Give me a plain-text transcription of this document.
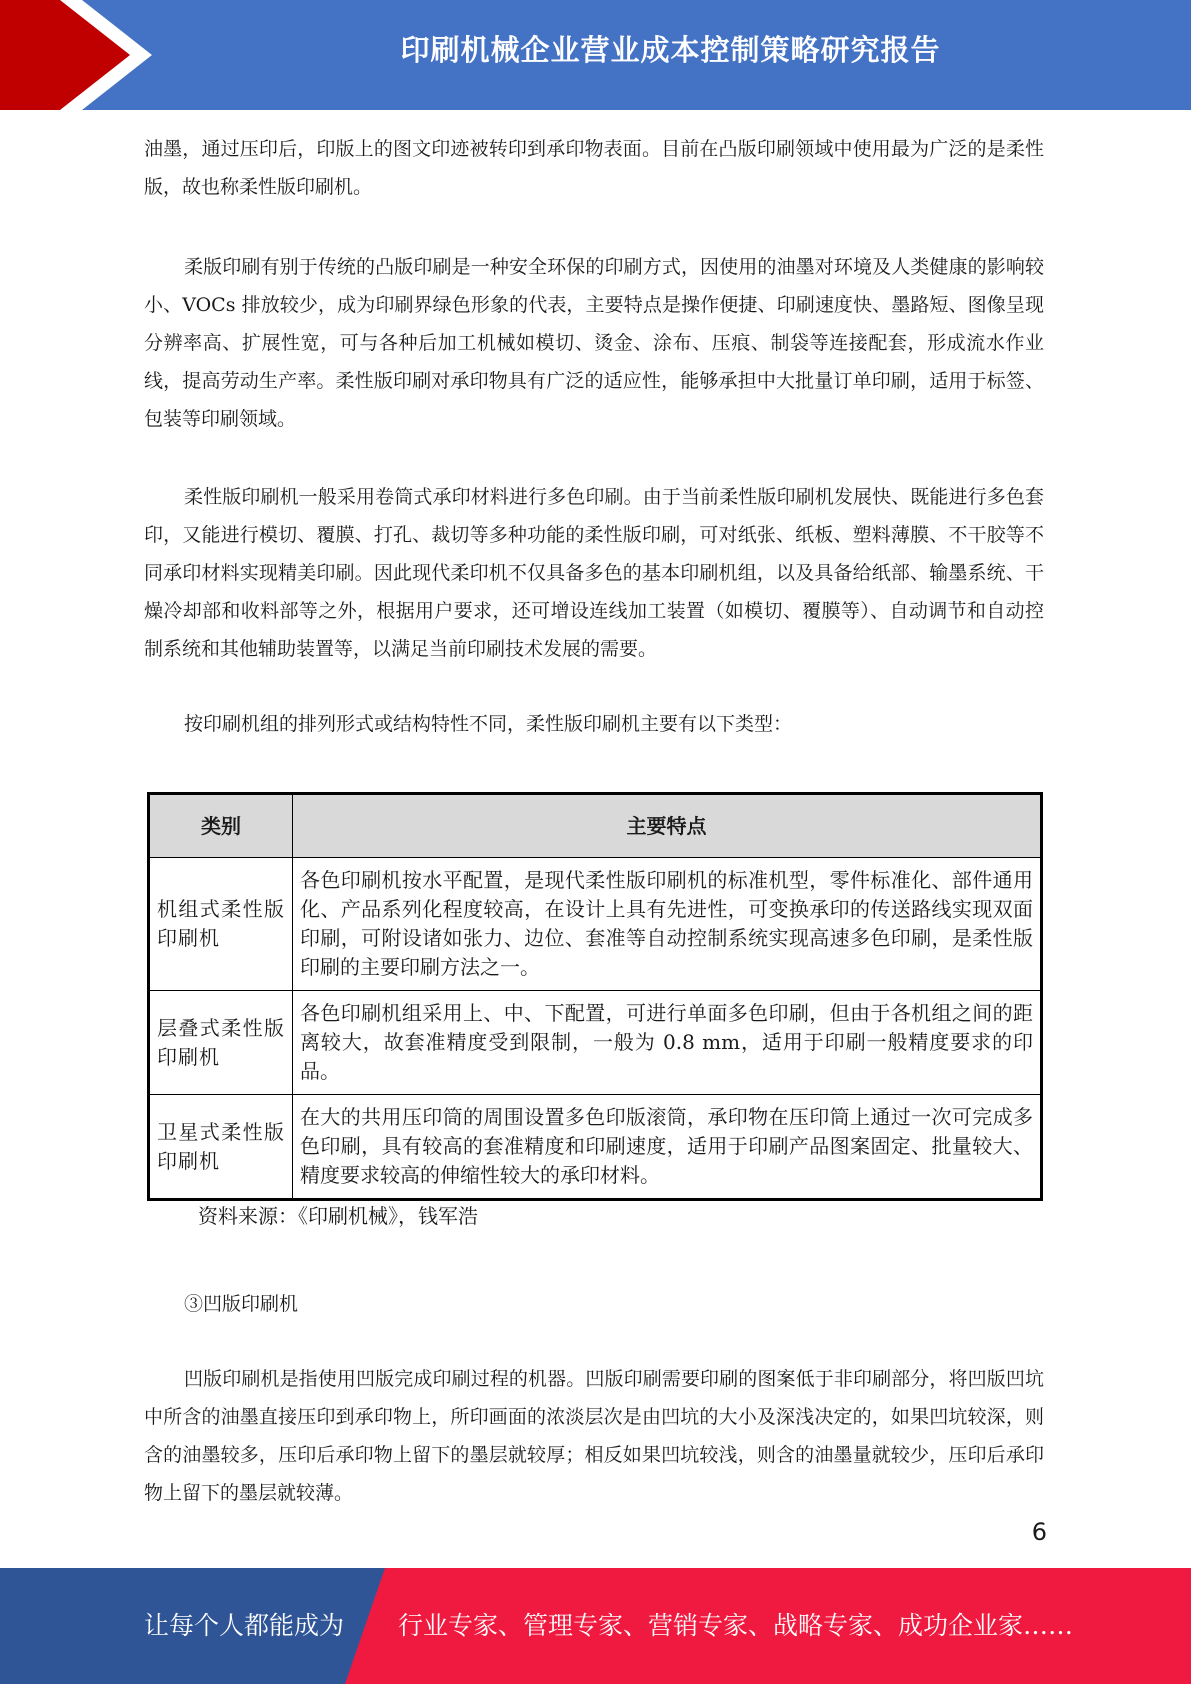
印刷机械企业营业成本控制策略研究报告

油墨，通过压印后，印版上的图文印迹被转印到承印物表面。目前在凸版印刷领域中使用最为广泛的是柔性版，故也称柔性版印刷机。

柔版印刷有别于传统的凸版印刷是一种安全环保的印刷方式，因使用的油墨对环境及人类健康的影响较小、VOCs 排放较少，成为印刷界绿色形象的代表，主要特点是操作便捷、印刷速度快、墨路短、图像呈现分辨率高、扩展性宽，可与各种后加工机械如模切、烫金、涂布、压痕、制袋等连接配套，形成流水作业线，提高劳动生产率。柔性版印刷对承印物具有广泛的适应性，能够承担中大批量订单印刷，适用于标签、包装等印刷领域。

柔性版印刷机一般采用卷筒式承印材料进行多色印刷。由于当前柔性版印刷机发展快、既能进行多色套印，又能进行模切、覆膜、打孔、裁切等多种功能的柔性版印刷，可对纸张、纸板、塑料薄膜、不干胶等不同承印材料实现精美印刷。因此现代柔印机不仅具备多色的基本印刷机组，以及具备给纸部、输墨系统、干燥冷却部和收料部等之外，根据用户要求，还可增设连线加工装置（如模切、覆膜等）、自动调节和自动控制系统和其他辅助装置等，以满足当前印刷技术发展的需要。

按印刷机组的排列形式或结构特性不同，柔性版印刷机主要有以下类型：

类别	主要特点
机组式柔性版印刷机	各色印刷机按水平配置，是现代柔性版印刷机的标准机型，零件标准化、部件通用化、产品系列化程度较高，在设计上具有先进性，可变换承印的传送路线实现双面印刷，可附设诸如张力、边位、套准等自动控制系统实现高速多色印刷，是柔性版印刷的主要印刷方法之一。
层叠式柔性版印刷机	各色印刷机组采用上、中、下配置，可进行单面多色印刷，但由于各机组之间的距离较大，故套准精度受到限制，一般为 0.8 mm，适用于印刷一般精度要求的印品。
卫星式柔性版印刷机	在大的共用压印筒的周围设置多色印版滚筒，承印物在压印筒上通过一次可完成多色印刷，具有较高的套准精度和印刷速度，适用于印刷产品图案固定、批量较大、精度要求较高的伸缩性较大的承印材料。
资料来源：《印刷机械》，钱军浩
③凹版印刷机

凹版印刷机是指使用凹版完成印刷过程的机器。凹版印刷需要印刷的图案低于非印刷部分，将凹版凹坑中所含的油墨直接压印到承印物上，所印画面的浓淡层次是由凹坑的大小及深浅决定的，如果凹坑较深，则含的油墨较多，压印后承印物上留下的墨层就较厚；相反如果凹坑较浅，则含的油墨量就较少，压印后承印物上留下的墨层就较薄。

6
让每个人都能成为 行业专家、管理专家、营销专家、战略专家、成功企业家……
